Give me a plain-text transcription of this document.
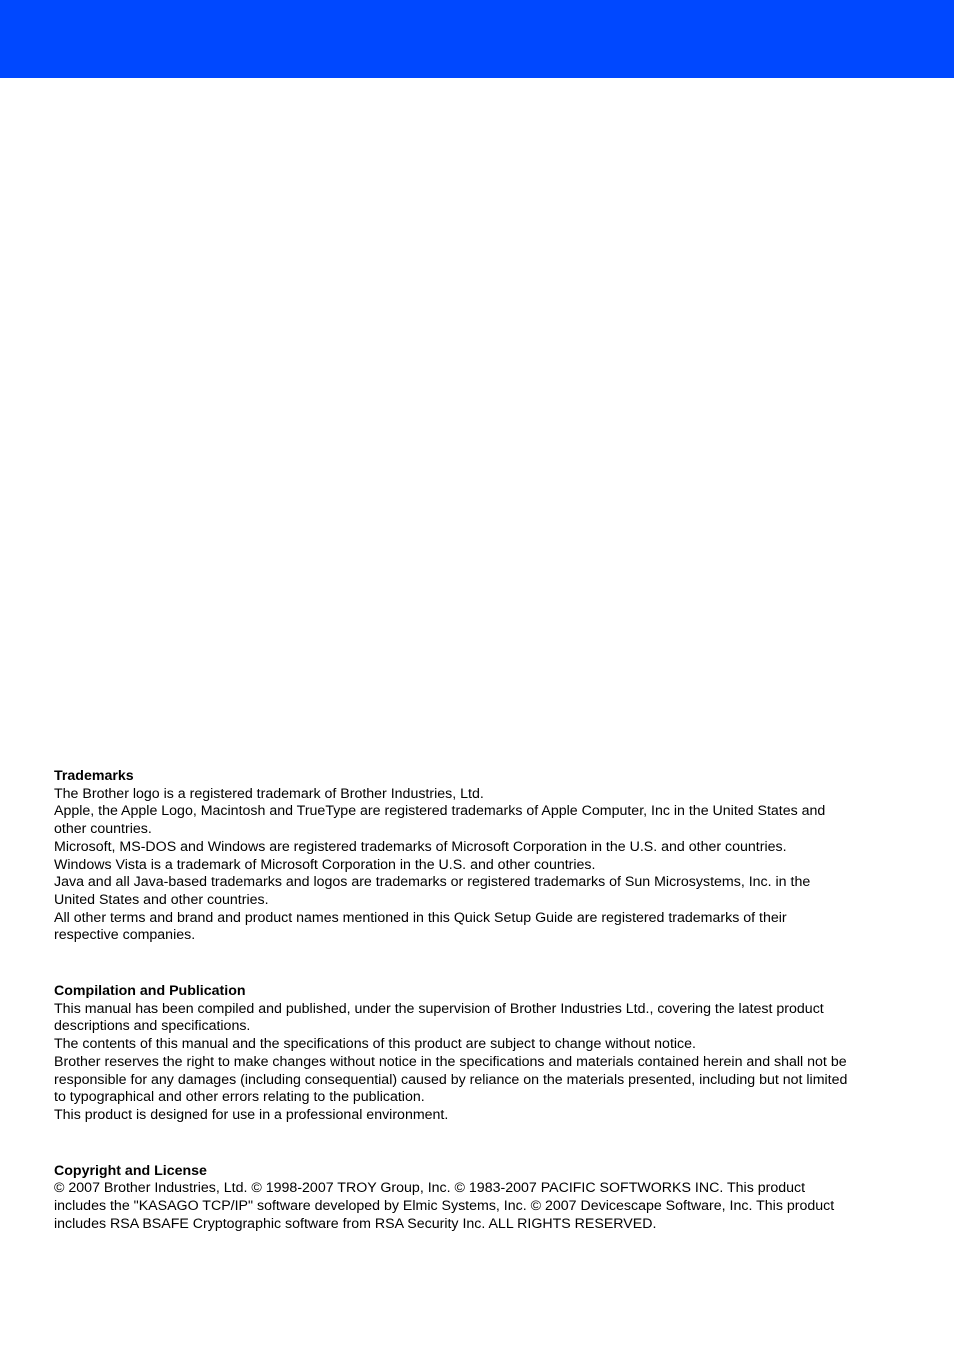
Trademarks

The Brother logo is a registered trademark of Brother Industries, Ltd.

Apple, the Apple Logo, Macintosh and TrueType are registered trademarks of Apple Computer, Inc in the United States and other countries.

Microsoft, MS-DOS and Windows are registered trademarks of Microsoft Corporation in the U.S. and other countries.

Windows Vista is a trademark of Microsoft Corporation in the U.S. and other countries.

Java and all Java-based trademarks and logos are trademarks or registered trademarks of Sun Microsystems, Inc. in the United States and other countries.

All other terms and brand and product names mentioned in this Quick Setup Guide are registered trademarks of their respective companies.

Compilation and Publication

This manual has been compiled and published, under the supervision of Brother Industries Ltd., covering the latest product descriptions and specifications.

The contents of this manual and the specifications of this product are subject to change without notice.

Brother reserves the right to make changes without notice in the specifications and materials contained herein and shall not be responsible for any damages (including consequential) caused by reliance on the materials presented, including but not limited to typographical and other errors relating to the publication.

This product is designed for use in a professional environment.

Copyright and License

© 2007 Brother Industries, Ltd. © 1998-2007 TROY Group, Inc. © 1983-2007 PACIFIC SOFTWORKS INC. This product includes the "KASAGO TCP/IP" software developed by Elmic Systems, Inc. © 2007 Devicescape Software, Inc. This product includes RSA BSAFE Cryptographic software from RSA Security Inc. ALL RIGHTS RESERVED.
